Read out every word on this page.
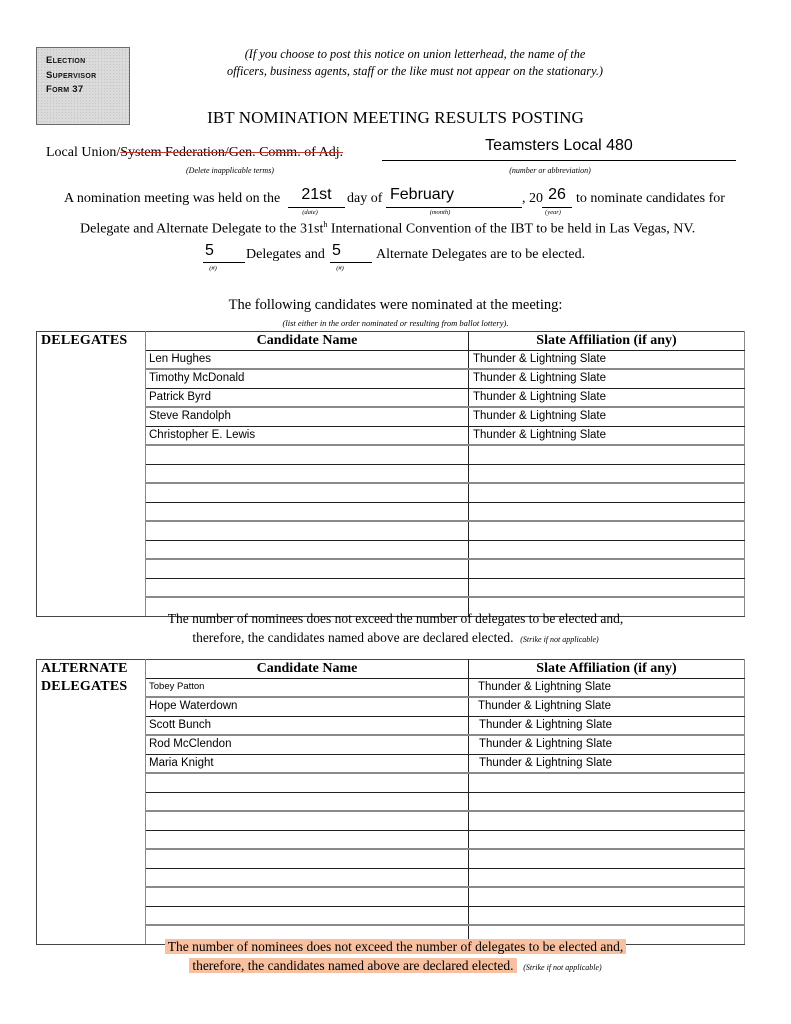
Election
Supervisor
Form 37
(If you choose to post this notice on union letterhead, the name of the
officers, business agents, staff or the like must not appear on the stationary.)
IBT NOMINATION MEETING RESULTS POSTING
Local Union/System Federation/Gen. Comm. of Adj.	Teamsters Local 480
(Delete inapplicable terms)	(number or abbreviation)
A nomination meeting was held on the	21st
(date)
day of February
(month)
, 20 26
(year)
to nominate candidates for
Delegate and Alternate Delegate to the $31st^h$ International Convention of the IBT to be held in Las Vegas, NV.
5
(#)
Delegates and 5
(#)
Alternate Delegates are to be elected.
The following candidates were nominated at the meeting:
(list either in the order nominated or resulting from ballot lottery).
DELEGATES	Candidate Name	Slate Affiliation (if any)
	Len Hughes	Thunder & Lightning Slate
	Timothy McDonald	Thunder & Lightning Slate
	Patrick Byrd	Thunder & Lightning Slate
	Steve Randolph	Thunder & Lightning Slate
	Christopher E. Lewis	Thunder & Lightning Slate

The number of nominees does not exceed the number of delegates to be elected and,
therefore, the candidates named above are declared elected. (Strike if not applicable)
ALTERNATE
DELEGATES	Candidate Name	Slate Affiliation (if any)
	Tobey Patton	Thunder & Lightning Slate
	Hope Waterdown	Thunder & Lightning Slate
	Scott Bunch	Thunder & Lightning Slate
	Rod McClendon	Thunder & Lightning Slate
	Maria Knight	Thunder & Lightning Slate

The number of nominees does not exceed the number of delegates to be elected and,
therefore, the candidates named above are declared elected. (Strike if not applicable)
